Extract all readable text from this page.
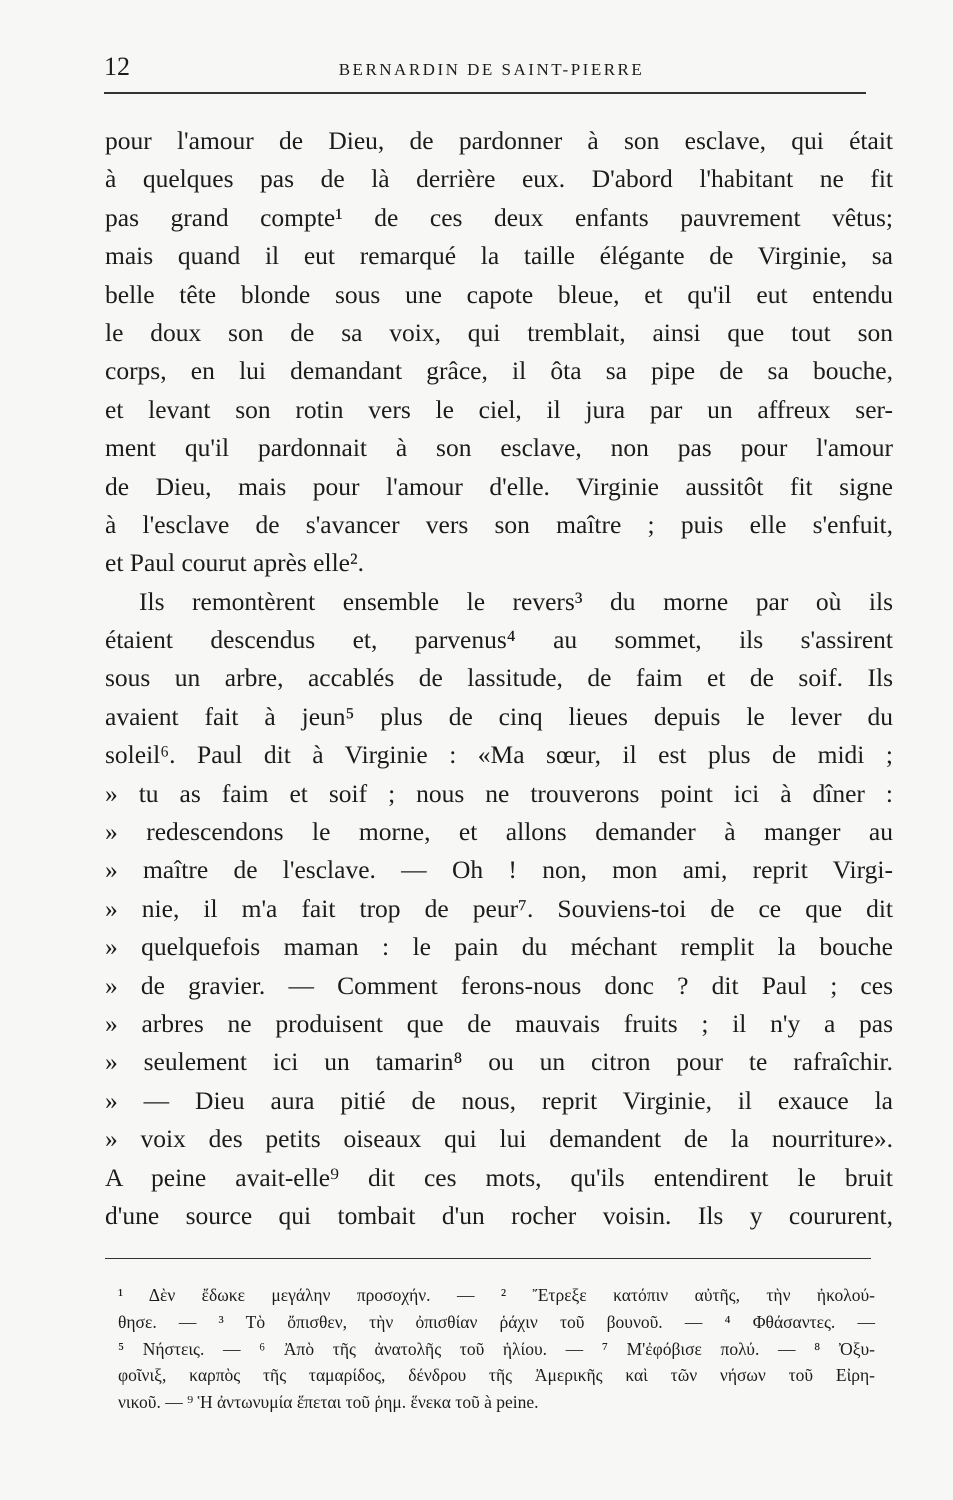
12	BERNARDIN DE SAINT-PIERRE
pour l'amour de Dieu, de pardonner à son esclave, qui était
à quelques pas de là derrière eux. D'abord l'habitant ne fit
pas grand compte¹ de ces deux enfants pauvrement vêtus;
mais quand il eut remarqué la taille élégante de Virginie, sa
belle tête blonde sous une capote bleue, et qu'il eut entendu
le doux son de sa voix, qui tremblait, ainsi que tout son
corps, en lui demandant grâce, il ôta sa pipe de sa bouche,
et levant son rotin vers le ciel, il jura par un affreux ser-
ment qu'il pardonnait à son esclave, non pas pour l'amour
de Dieu, mais pour l'amour d'elle. Virginie aussitôt fit signe
à l'esclave de s'avancer vers son maître ; puis elle s'enfuit,
et Paul courut après elle².
Ils remontèrent ensemble le revers³ du morne par où ils
étaient descendus et, parvenus⁴ au sommet, ils s'assirent
sous un arbre, accablés de lassitude, de faim et de soif. Ils
avaient fait à jeun⁵ plus de cinq lieues depuis le lever du
soleil⁶. Paul dit à Virginie : «Ma sœur, il est plus de midi ;
» tu as faim et soif ; nous ne trouverons point ici à dîner :
» redescendons le morne, et allons demander à manger au
» maître de l'esclave. — Oh ! non, mon ami, reprit Virgi-
» nie, il m'a fait trop de peur⁷. Souviens-toi de ce que dit
» quelquefois maman : le pain du méchant remplit la bouche
» de gravier. — Comment ferons-nous donc ? dit Paul ; ces
» arbres ne produisent que de mauvais fruits ; il n'y a pas
» seulement ici un tamarin⁸ ou un citron pour te rafraîchir.
» — Dieu aura pitié de nous, reprit Virginie, il exauce la
» voix des petits oiseaux qui lui demandent de la nourriture».
A peine avait-elle⁹ dit ces mots, qu'ils entendirent le bruit
d'une source qui tombait d'un rocher voisin. Ils y coururent,
¹ Δὲν ἔδωκε μεγάλην προσοχήν. — ² Ἔτρεξε κατόπιν αὐτῆς, τὴν ἠκολού-
θησε. — ³ Τὸ ὄπισθεν, τὴν ὀπισθίαν ῥάχιν τοῦ βουνοῦ. — ⁴ Φθάσαντες. —
⁵ Νήστεις. — ⁶ Ἀπὸ τῆς ἀνατολῆς τοῦ ἡλίου. — ⁷ Μ'ἐφόβισε πολύ. — ⁸ Ὀξυ-
φοῖνιξ, καρπὸς τῆς ταμαρίδος, δένδρου τῆς Ἀμερικῆς καὶ τῶν νήσων τοῦ Εἰρη-
νικοῦ. — ⁹ Ἡ ἀντωνυμία ἕπεται τοῦ ῥημ. ἕνεκα τοῦ à peine.
